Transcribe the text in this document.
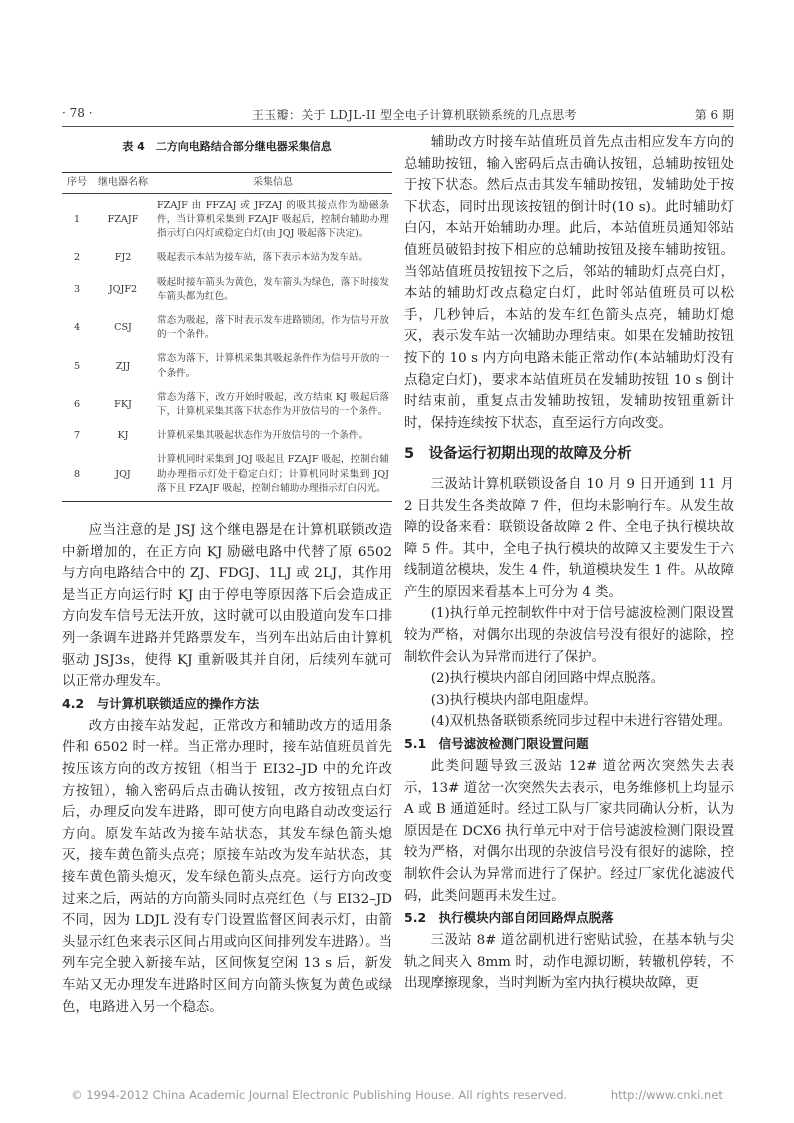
· 78 ·	王玉瓣：关于 LDJL-II 型全电子计算机联锁系统的几点思考	第 6 期
表 4　二方向电路结合部分继电器采集信息
序号	继电器名称	采集信息
1	FZAJF	FZAJF 由 FFZAJ 或 JFZAJ 的吸其接点作为励磁条件，当计算机采集到 FZAJF 吸起后，控制台辅助办理指示灯白闪灯或稳定白灯(由 JQJ 吸起落下决定)。
2	FJ2	吸起表示本站为接车站，落下表示本站为发车站。
3	JQJF2	吸起时接车箭头为黄色，发车箭头为绿色，落下时接发车箭头都为红色。
4	CSJ	常态为吸起，落下时表示发车进路锁闭，作为信号开放的一个条件。
5	ZJJ	常态为落下，计算机采集其吸起条件作为信号开放的一个条件。
6	FKJ	常态为落下，改方开始时吸起，改方结束 KJ 吸起后落下，计算机采集其落下状态作为开放信号的一个条件。
7	KJ	计算机采集其吸起状态作为开放信号的一个条件。
8	JQJ	计算机同时采集到 JQJ 吸起且 FZAJF 吸起，控制台辅助办理指示灯处于稳定白灯；计算机同时采集到 JQJ 落下且 FZAJF 吸起，控制台辅助办理指示灯白闪光。

应当注意的是 JSJ 这个继电器是在计算机联锁改造中新增加的，在正方向 KJ 励磁电路中代替了原 6502 与方向电路结合中的 ZJ、FDGJ、1LJ 或 2LJ，其作用是当正方向运行时 KJ 由于停电等原因落下后会造成正方向发车信号无法开放，这时就可以由股道向发车口排列一条调车进路并凭路票发车，当列车出站后由计算机驱动 JSJ3s，使得 KJ 重新吸其并自闭，后续列车就可以正常办理发车。

4.2　与计算机联锁适应的操作方法

改方由接车站发起，正常改方和辅助改方的适用条件和 6502 时一样。当正常办理时，接车站值班员首先按压该方向的改方按钮（相当于 EI32–JD 中的允许改方按钮），输入密码后点击确认按钮，改方按钮点白灯后，办理反向发车进路，即可使方向电路自动改变运行方向。原发车站改为接车站状态，其发车绿色箭头熄灭，接车黄色箭头点亮；原接车站改为发车站状态，其接车黄色箭头熄灭，发车绿色箭头点亮。运行方向改变过来之后，两站的方向箭头同时点亮红色（与 EI32–JD 不同，因为 LDJL 没有专门设置监督区间表示灯，由箭头显示红色来表示区间占用或向区间排列发车进路）。当列车完全驶入新接车站，区间恢复空闲 13 s 后，新发车站又无办理发车进路时区间方向箭头恢复为黄色或绿色，电路进入另一个稳态。

辅助改方时接车站值班员首先点击相应发车方向的总辅助按钮，输入密码后点击确认按钮，总辅助按钮处于按下状态。然后点击其发车辅助按钮，发辅助处于按下状态，同时出现该按钮的倒计时(10 s)。此时辅助灯白闪，本站开始辅助办理。此后，本站值班员通知邻站值班员破铅封按下相应的总辅助按钮及接车辅助按钮。当邻站值班员按钮按下之后，邻站的辅助灯点亮白灯，本站的辅助灯改点稳定白灯，此时邻站值班员可以松手，几秒钟后，本站的发车红色箭头点亮，辅助灯熄灭，表示发车站一次辅助办理结束。如果在发辅助按钮按下的 10 s 内方向电路未能正常动作(本站辅助灯没有点稳定白灯)，要求本站值班员在发辅助按钮 10 s 倒计时结束前，重复点击发辅助按钮，发辅助按钮重新计时，保持连续按下状态，直至运行方向改变。

5　设备运行初期出现的故障及分析

三汲站计算机联锁设备自 10 月 9 日开通到 11 月 2 日共发生各类故障 7 件，但均未影响行车。从发生故障的设备来看：联锁设备故障 2 件、全电子执行模块故障 5 件。其中，全电子执行模块的故障又主要发生于六线制道岔模块，发生 4 件，轨道模块发生 1 件。从故障产生的原因来看基本上可分为 4 类。

(1)执行单元控制软件中对于信号滤波检测门限设置较为严格，对偶尔出现的杂波信号没有很好的滤除，控制软件会认为异常而进行了保护。

(2)执行模块内部自闭回路中焊点脱落。

(3)执行模块内部电阻虚焊。

(4)双机热备联锁系统同步过程中未进行容错处理。

5.1　信号滤波检测门限设置问题

此类问题导致三汲站 12# 道岔两次突然失去表示，13# 道岔一次突然失去表示，电务维修机上均显示 A 或 B 通道延时。经过工队与厂家共同确认分析，认为原因是在 DCX6 执行单元中对于信号滤波检测门限设置较为严格，对偶尔出现的杂波信号没有很好的滤除，控制软件会认为异常而进行了保护。经过厂家优化滤波代码，此类问题再未发生过。

5.2　执行模块内部自闭回路焊点脱落

三汲站 8# 道岔副机进行密贴试验，在基本轨与尖轨之间夹入 8mm 时，动作电源切断，转辙机停转，不出现摩擦现象，当时判断为室内执行模块故障，更

© 1994-2012 China Academic Journal Electronic Publishing House. All rights reserved.	http://www.cnki.net
